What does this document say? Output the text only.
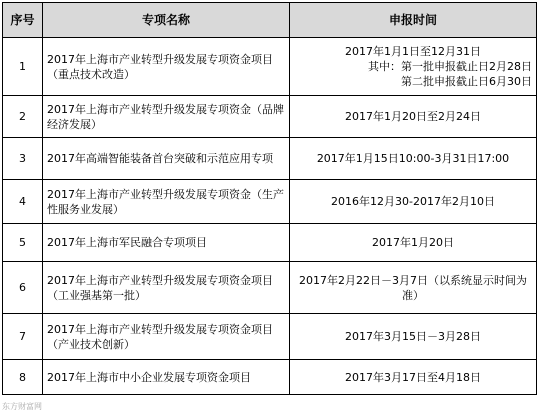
序号	专项名称	申报时间
1	2017年上海市产业转型升级发展专项资金项目（重点技术改造）	2017年1月1日至12月31日
其中：第一批申报截止日2月28日
第二批申报截止日6月30日

2	2017年上海市产业转型升级发展专项资金（品牌经济发展）	2017年1月20日至2月24日

3	2017年高端智能装备首台突破和示范应用专项	2017年1月15日10:00-3月31日17:00

4	2017年上海市产业转型升级发展专项资金（生产性服务业发展）	2016年12月30-2017年2月10日

5	2017年上海市军民融合专项项目	2017年1月20日

6	2017年上海市产业转型升级发展专项资金项目（工业强基第一批）	2017年2月22日－3月7日（以系统显示时间为准）

7	2017年上海市产业转型升级发展专项资金项目（产业技术创新）	2017年3月15日－3月28日

8	2017年上海市中小企业发展专项资金项目	2017年3月17日至4月18日
东方财富网
